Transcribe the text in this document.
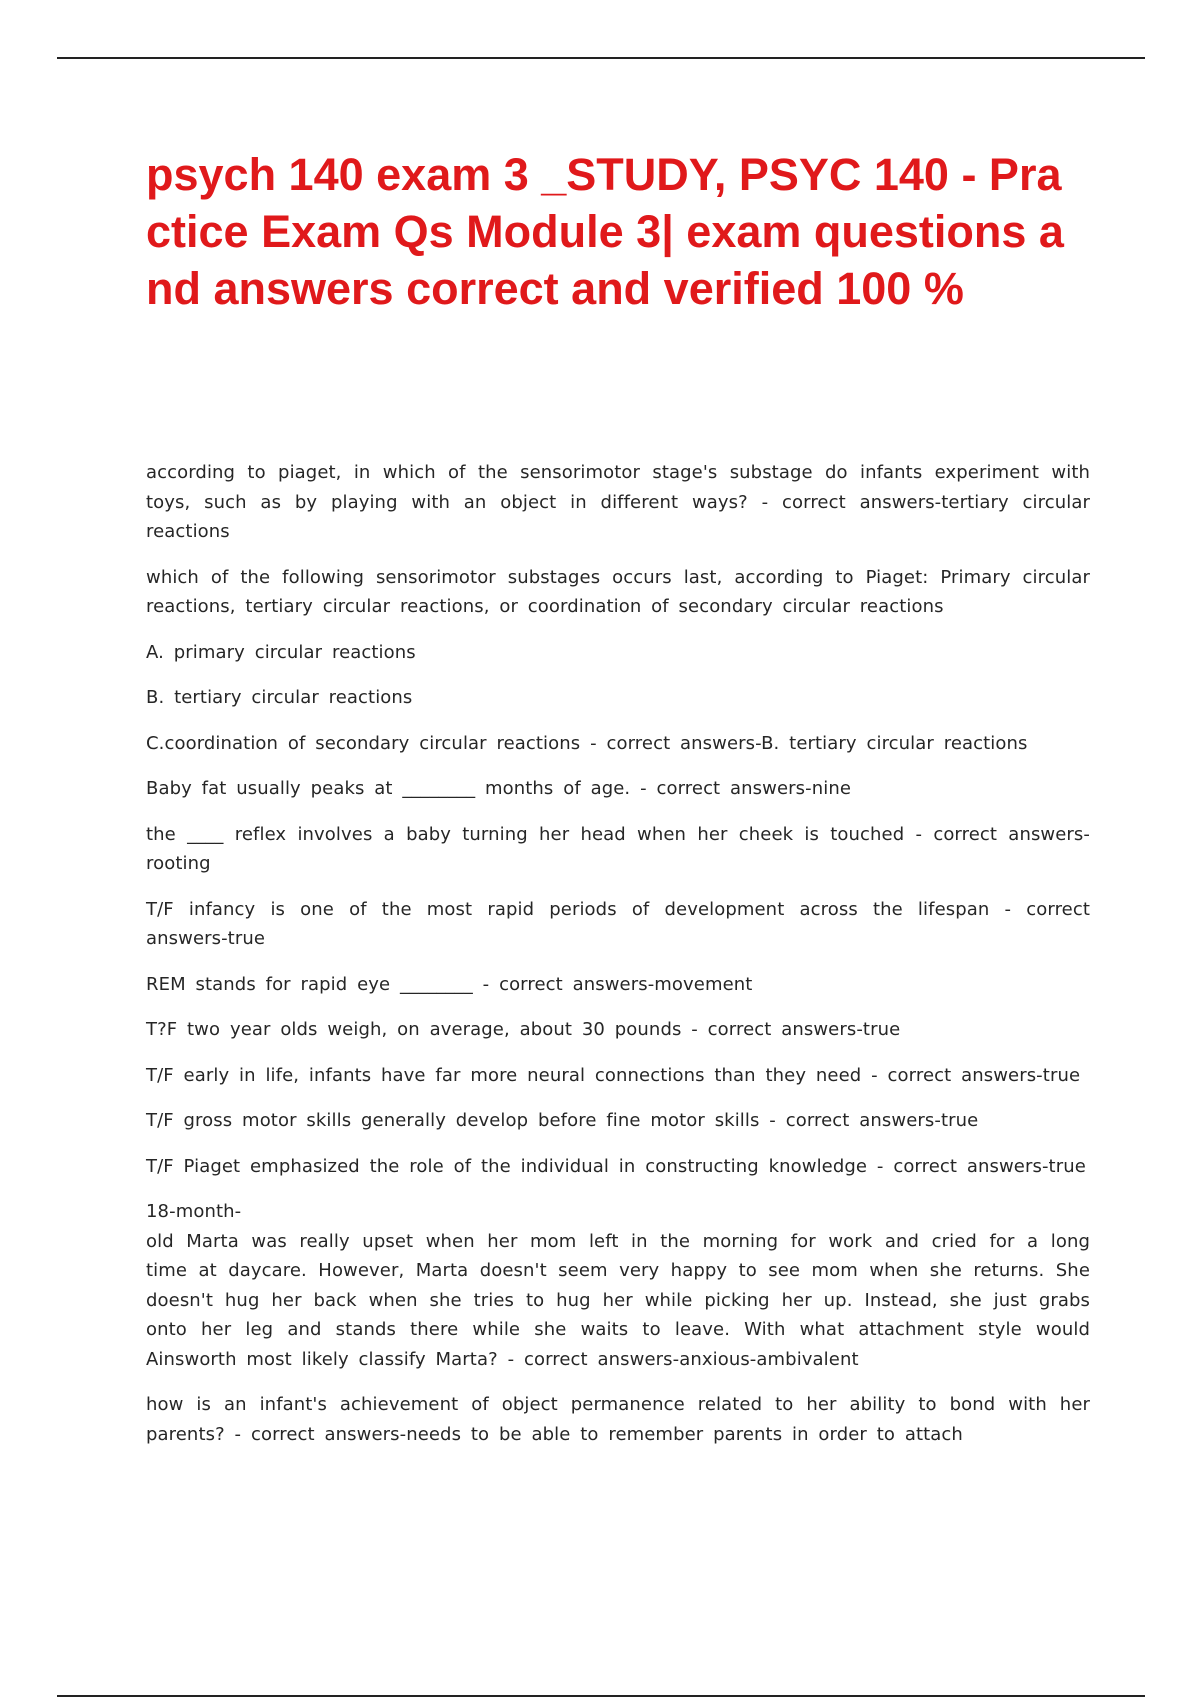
psych 140 exam 3 _STUDY, PSYC 140 - Practice Exam Qs Module 3| exam questions and answers correct and verified 100 %

according to piaget, in which of the sensorimotor stage's substage do infants experiment with toys, such as by playing with an object in different ways? - correct answers-tertiary circular reactions

which of the following sensorimotor substages occurs last, according to Piaget: Primary circular reactions, tertiary circular reactions, or coordination of secondary circular reactions

A. primary circular reactions

B. tertiary circular reactions

C.coordination of secondary circular reactions - correct answers-B. tertiary circular reactions

Baby fat usually peaks at ________ months of age. - correct answers-nine

the ____ reflex involves a baby turning her head when her cheek is touched - correct answers-rooting

T/F infancy is one of the most rapid periods of development across the lifespan - correct answers-true

REM stands for rapid eye ________ - correct answers-movement

T?F two year olds weigh, on average, about 30 pounds - correct answers-true

T/F early in life, infants have far more neural connections than they need - correct answers-true

T/F gross motor skills generally develop before fine motor skills - correct answers-true

T/F Piaget emphasized the role of the individual in constructing knowledge - correct answers-true

18-month-
old Marta was really upset when her mom left in the morning for work and cried for a long time at daycare. However, Marta doesn't seem very happy to see mom when she returns. She doesn't hug her back when she tries to hug her while picking her up. Instead, she just grabs onto her leg and stands there while she waits to leave. With what attachment style would Ainsworth most likely classify Marta? - correct answers-anxious-ambivalent

how is an infant's achievement of object permanence related to her ability to bond with her parents? - correct answers-needs to be able to remember parents in order to attach
